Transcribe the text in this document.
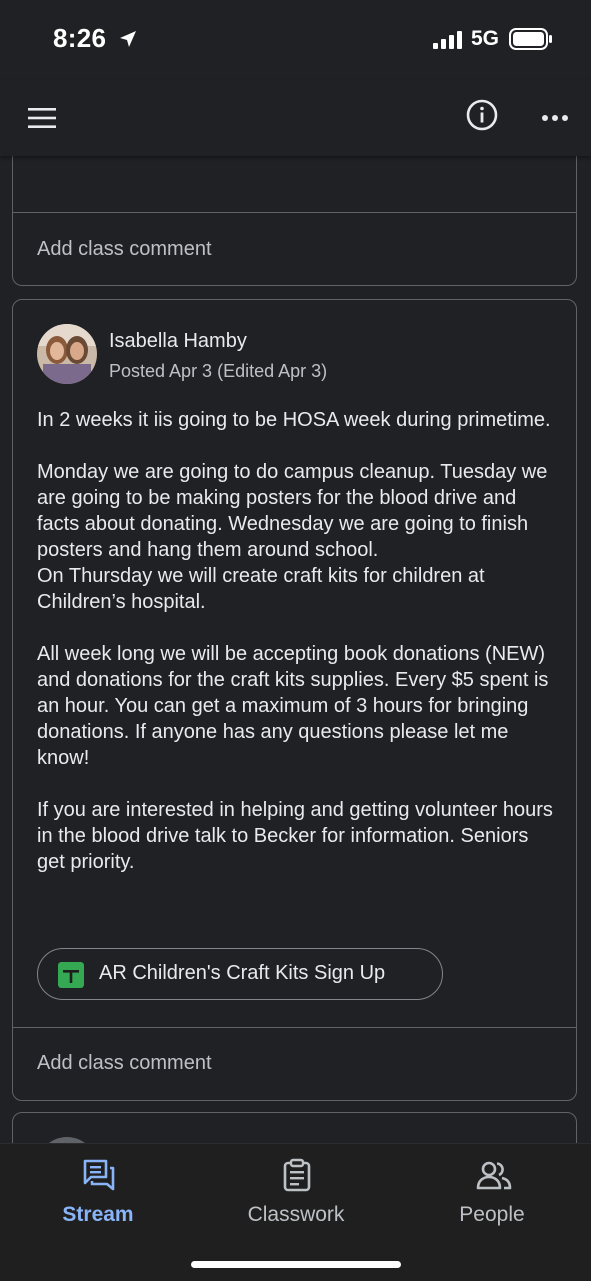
8:26	5G
Add class comment
Isabella Hamby
Posted Apr 3 (Edited Apr 3)

In 2 weeks it iis going to be HOSA week during primetime.

Monday we are going to do campus cleanup. Tuesday we are going to be making posters for the blood drive and facts about donating. Wednesday we are going to finish posters and hang them around school.

On Thursday we will create craft kits for children at Children’s hospital.

All week long we will be accepting book donations (NEW) and donations for the craft kits supplies. Every $5 spent is an hour. You can get a maximum of 3 hours for bringing donations. If anyone has any questions please let me know!

If you are interested in helping and getting volunteer hours in the blood drive talk to Becker for information. Seniors get priority.

AR Children's Craft Kits Sign Up
Add class comment
Stream	Classwork	People
